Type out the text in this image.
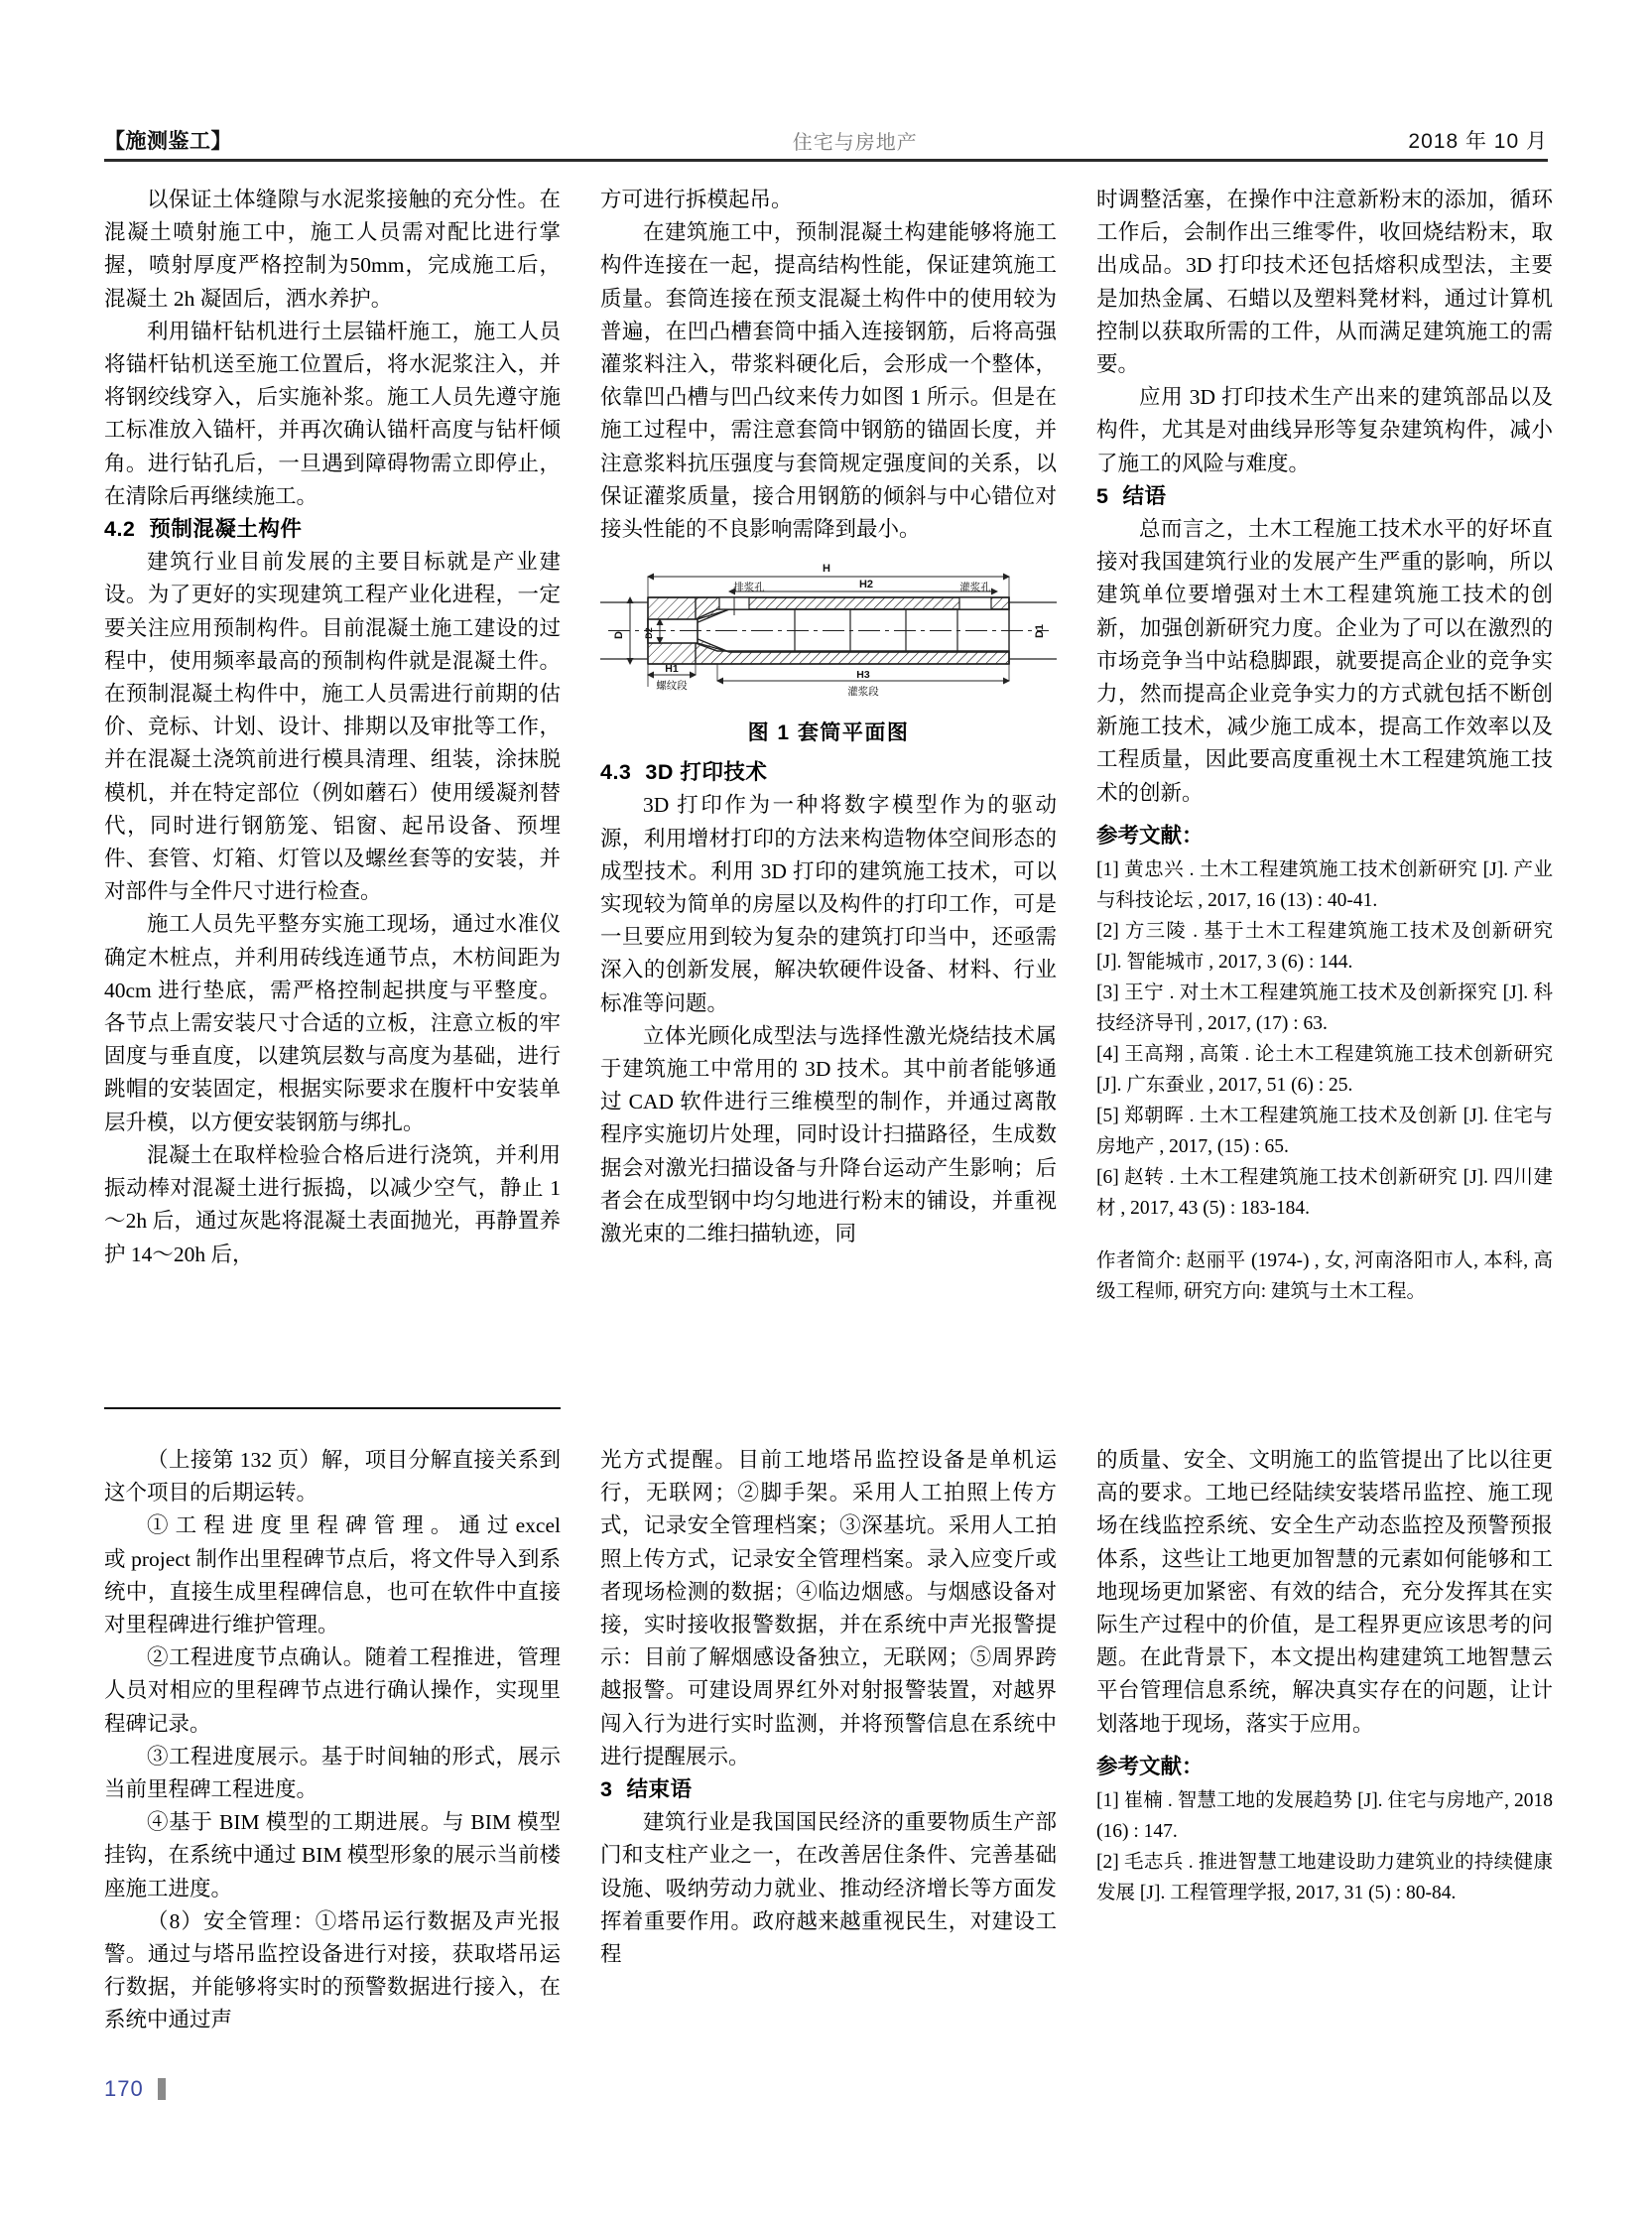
【施测鉴工】	住宅与房地产	2018 年 10 月

以保证土体缝隙与水泥浆接触的充分性。在混凝土喷射施工中，施工人员需对配比进行掌握，喷射厚度严格控制为50mm，完成施工后，混凝土 2h 凝固后，洒水养护。

利用锚杆钻机进行土层锚杆施工，施工人员将锚杆钻机送至施工位置后，将水泥浆注入，并将钢绞线穿入，后实施补浆。施工人员先遵守施工标准放入锚杆，并再次确认锚杆高度与钻杆倾角。进行钻孔后，一旦遇到障碍物需立即停止，在清除后再继续施工。

4.2 预制混凝土构件

建筑行业目前发展的主要目标就是产业建设。为了更好的实现建筑工程产业化进程，一定要关注应用预制构件。目前混凝土施工建设的过程中，使用频率最高的预制构件就是混凝土件。在预制混凝土构件中，施工人员需进行前期的估价、竞标、计划、设计、排期以及审批等工作，并在混凝土浇筑前进行模具清理、组装，涂抹脱模机，并在特定部位（例如蘑石）使用缓凝剂替代，同时进行钢筋笼、铝窗、起吊设备、预埋件、套管、灯箱、灯管以及螺丝套等的安装，并对部件与全件尺寸进行检查。

施工人员先平整夯实施工现场，通过水准仪确定木桩点，并利用砖线连通节点，木枋间距为 40cm 进行垫底，需严格控制起拱度与平整度。各节点上需安装尺寸合适的立板，注意立板的牢固度与垂直度，以建筑层数与高度为基础，进行跳帽的安装固定，根据实际要求在腹杆中安装单层升模，以方便安装钢筋与绑扎。

混凝土在取样检验合格后进行浇筑，并利用振动棒对混凝土进行振捣，以减少空气，静止 1～2h 后，通过灰匙将混凝土表面抛光，再静置养护 14～20h 后，

方可进行拆模起吊。

在建筑施工中，预制混凝土构建能够将施工构件连接在一起，提高结构性能，保证建筑施工质量。套筒连接在预支混凝土构件中的使用较为普遍，在凹凸槽套筒中插入连接钢筋，后将高强灌浆料注入，带浆料硬化后，会形成一个整体，依靠凹凸槽与凹凸纹来传力如图 1 所示。但是在施工过程中，需注意套筒中钢筋的锚固长度，并注意浆料抗压强度与套筒规定强度间的关系，以保证灌浆质量，接合用钢筋的倾斜与中心错位对接头性能的不良影响需降到最小。

H
H2
排浆孔	灌浆孔
D D2	D1
H1
螺纹段
H3
灌浆段

图 1 套筒平面图

4.3 3D 打印技术

3D 打印作为一种将数字模型作为的驱动源，利用增材打印的方法来构造物体空间形态的成型技术。利用 3D 打印的建筑施工技术，可以实现较为简单的房屋以及构件的打印工作，可是一旦要应用到较为复杂的建筑打印当中，还亟需深入的创新发展，解决软硬件设备、材料、行业标准等问题。

立体光顾化成型法与选择性激光烧结技术属于建筑施工中常用的 3D 技术。其中前者能够通过 CAD 软件进行三维模型的制作，并通过离散程序实施切片处理，同时设计扫描路径，生成数据会对激光扫描设备与升降台运动产生影响；后者会在成型钢中均匀地进行粉末的铺设，并重视激光束的二维扫描轨迹，同

时调整活塞，在操作中注意新粉末的添加，循环工作后，会制作出三维零件，收回烧结粉末，取出成品。3D 打印技术还包括熔积成型法，主要是加热金属、石蜡以及塑料凳材料，通过计算机控制以获取所需的工件，从而满足建筑施工的需要。

应用 3D 打印技术生产出来的建筑部品以及构件，尤其是对曲线异形等复杂建筑构件，减小了施工的风险与难度。

5 结语

总而言之，土木工程施工技术水平的好坏直接对我国建筑行业的发展产生严重的影响，所以建筑单位要增强对土木工程建筑施工技术的创新，加强创新研究力度。企业为了可以在激烈的市场竞争当中站稳脚跟，就要提高企业的竞争实力，然而提高企业竞争实力的方式就包括不断创新施工技术，减少施工成本，提高工作效率以及工程质量，因此要高度重视土木工程建筑施工技术的创新。

参考文献：

[1] 黄忠兴 . 土木工程建筑施工技术创新研究 [J]. 产业与科技论坛 , 2017, 16 (13) : 40-41.

[2] 方三陵 . 基于土木工程建筑施工技术及创新研究 [J]. 智能城市 , 2017, 3 (6) : 144.

[3] 王宁 . 对土木工程建筑施工技术及创新探究 [J]. 科技经济导刊 , 2017, (17) : 63.

[4] 王高翔 , 高策 . 论土木工程建筑施工技术创新研究 [J]. 广东蚕业 , 2017, 51 (6) : 25.

[5] 郑朝晖 . 土木工程建筑施工技术及创新 [J]. 住宅与房地产 , 2017, (15) : 65.

[6] 赵转 . 土木工程建筑施工技术创新研究 [J]. 四川建材 , 2017, 43 (5) : 183-184.

作者简介: 赵丽平 (1974-) , 女, 河南洛阳市人, 本科, 高级工程师, 研究方向: 建筑与土木工程。

（上接第 132 页）解，项目分解直接关系到这个项目的后期运转。

① 工 程 进 度 里 程 碑 管 理 。 通 过 excel 或 project 制作出里程碑节点后，将文件导入到系统中，直接生成里程碑信息，也可在软件中直接对里程碑进行维护管理。

②工程进度节点确认。随着工程推进，管理人员对相应的里程碑节点进行确认操作，实现里程碑记录。

③工程进度展示。基于时间轴的形式，展示当前里程碑工程进度。

④基于 BIM 模型的工期进展。与 BIM 模型挂钩，在系统中通过 BIM 模型形象的展示当前楼座施工进度。

（8）安全管理：①塔吊运行数据及声光报警。通过与塔吊监控设备进行对接，获取塔吊运行数据，并能够将实时的预警数据进行接入，在系统中通过声

光方式提醒。目前工地塔吊监控设备是单机运行，无联网；②脚手架。采用人工拍照上传方式，记录安全管理档案；③深基坑。采用人工拍照上传方式，记录安全管理档案。录入应变斤或者现场检测的数据；④临边烟感。与烟感设备对接，实时接收报警数据，并在系统中声光报警提示：目前了解烟感设备独立，无联网；⑤周界跨越报警。可建设周界红外对射报警装置，对越界闯入行为进行实时监测，并将预警信息在系统中进行提醒展示。

3 结束语

建筑行业是我国国民经济的重要物质生产部门和支柱产业之一，在改善居住条件、完善基础设施、吸纳劳动力就业、推动经济增长等方面发挥着重要作用。政府越来越重视民生，对建设工程

的质量、安全、文明施工的监管提出了比以往更高的要求。工地已经陆续安装塔吊监控、施工现场在线监控系统、安全生产动态监控及预警预报体系，这些让工地更加智慧的元素如何能够和工地现场更加紧密、有效的结合，充分发挥其在实际生产过程中的价值，是工程界更应该思考的问题。在此背景下，本文提出构建建筑工地智慧云平台管理信息系统，解决真实存在的问题，让计划落地于现场，落实于应用。

参考文献：

[1] 崔楠 . 智慧工地的发展趋势 [J]. 住宅与房地产, 2018 (16) : 147.

[2] 毛志兵 . 推进智慧工地建设助力建筑业的持续健康发展 [J]. 工程管理学报, 2017, 31 (5) : 80-84.

170
